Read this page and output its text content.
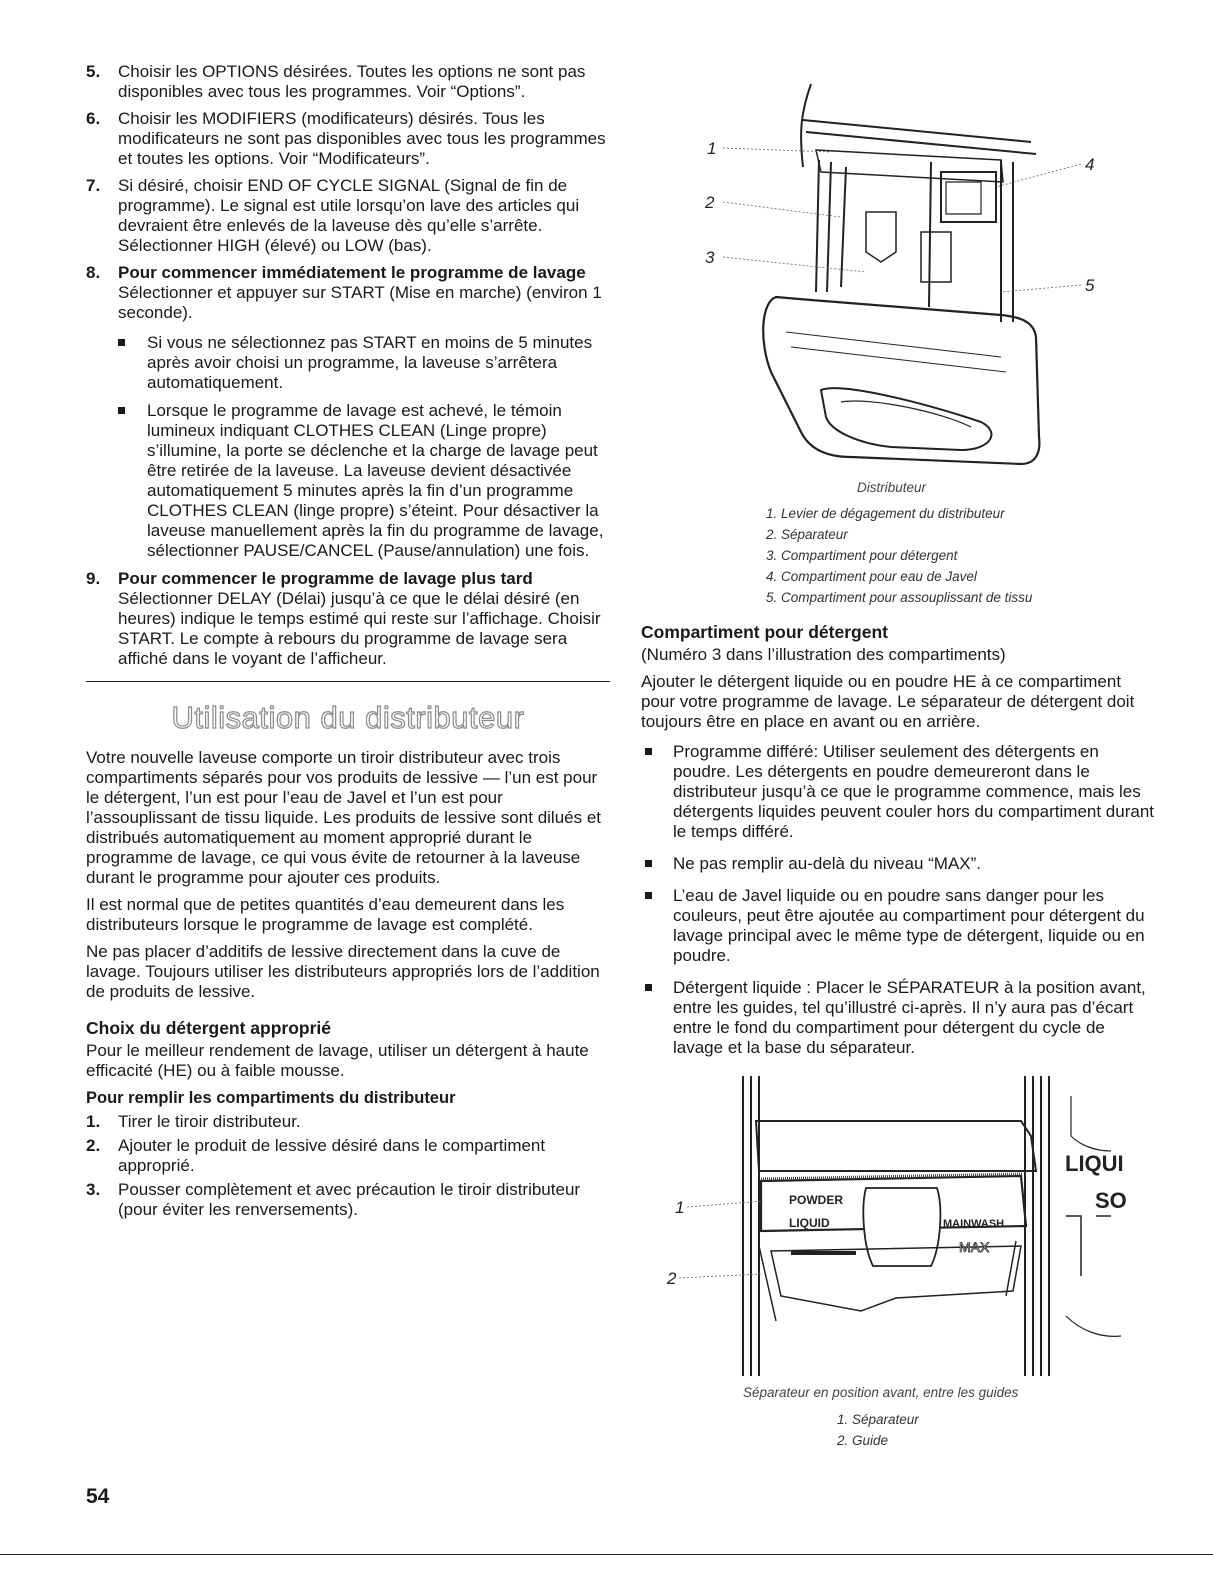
5. Choisir les OPTIONS désirées. Toutes les options ne sont pas disponibles avec tous les programmes. Voir “Options”.
6. Choisir les MODIFIERS (modificateurs) désirés. Tous les modificateurs ne sont pas disponibles avec tous les programmes et toutes les options. Voir “Modificateurs”.
7. Si désiré, choisir END OF CYCLE SIGNAL (Signal de fin de programme). Le signal est utile lorsqu’on lave des articles qui devraient être enlevés de la laveuse dès qu’elle s’arrête. Sélectionner HIGH (élevé) ou LOW (bas).
8. Pour commencer immédiatement le programme de lavage
Sélectionner et appuyer sur START (Mise en marche) (environ 1 seconde).

Si vous ne sélectionnez pas START en moins de 5 minutes après avoir choisi un programme, la laveuse s’arrêtera automatiquement.

Lorsque le programme de lavage est achevé, le témoin lumineux indiquant CLOTHES CLEAN (Linge propre) s’illumine, la porte se déclenche et la charge de lavage peut être retirée de la laveuse. La laveuse devient désactivée automatiquement 5 minutes après la fin d’un programme CLOTHES CLEAN (linge propre) s’éteint. Pour désactiver la laveuse manuellement après la fin du programme de lavage, sélectionner PAUSE/CANCEL (Pause/annulation) une fois.

9. Pour commencer le programme de lavage plus tard
Sélectionner DELAY (Délai) jusqu’à ce que le délai désiré (en heures) indique le temps estimé qui reste sur l’affichage. Choisir START. Le compte à rebours du programme de lavage sera affiché dans le voyant de l’afficheur.
Utilisation du distributeur

Votre nouvelle laveuse comporte un tiroir distributeur avec trois compartiments séparés pour vos produits de lessive — l’un est pour le détergent, l’un est pour l’eau de Javel et l’un est pour l’assouplissant de tissu liquide. Les produits de lessive sont dilués et distribués automatiquement au moment approprié durant le programme de lavage, ce qui vous évite de retourner à la laveuse durant le programme pour ajouter ces produits.

Il est normal que de petites quantités d’eau demeurent dans les distributeurs lorsque le programme de lavage est complété.

Ne pas placer d’additifs de lessive directement dans la cuve de lavage. Toujours utiliser les distributeurs appropriés lors de l’addition de produits de lessive.

Choix du détergent approprié

Pour le meilleur rendement de lavage, utiliser un détergent à haute efficacité (HE) ou à faible mousse.

Pour remplir les compartiments du distributeur
1. Tirer le tiroir distributeur.
2. Ajouter le produit de lessive désiré dans le compartiment approprié.
3. Pousser complètement et avec précaution le tiroir distributeur (pour éviter les renversements).
1
2
3
4
5
Distributeur
1. Levier de dégagement du distributeur
2. Séparateur
3. Compartiment pour détergent
4. Compartiment pour eau de Javel
5. Compartiment pour assouplissant de tissu
Compartiment pour détergent

(Numéro 3 dans l’illustration des compartiments)

Ajouter le détergent liquide ou en poudre HE à ce compartiment pour votre programme de lavage. Le séparateur de détergent doit toujours être en place en avant ou en arrière.

Programme différé: Utiliser seulement des détergents en poudre. Les détergents en poudre demeureront dans le distributeur jusqu’à ce que le programme commence, mais les détergents liquides peuvent couler hors du compartiment durant le temps différé.

Ne pas remplir au-delà du niveau “MAX”.

L’eau de Javel liquide ou en poudre sans danger pour les couleurs, peut être ajoutée au compartiment pour détergent du lavage principal avec le même type de détergent, liquide ou en poudre.

Détergent liquide : Placer le SÉPARATEUR à la position avant, entre les guides, tel qu’illustré ci-après. Il n’y aura pas d’écart entre le fond du compartiment pour détergent du cycle de lavage et la base du séparateur.

POWDER
LIQUID	MAINWASH
MAX
LIQUI
SO
1
2
Séparateur en position avant, entre les guides
1. Séparateur
2. Guide
54
